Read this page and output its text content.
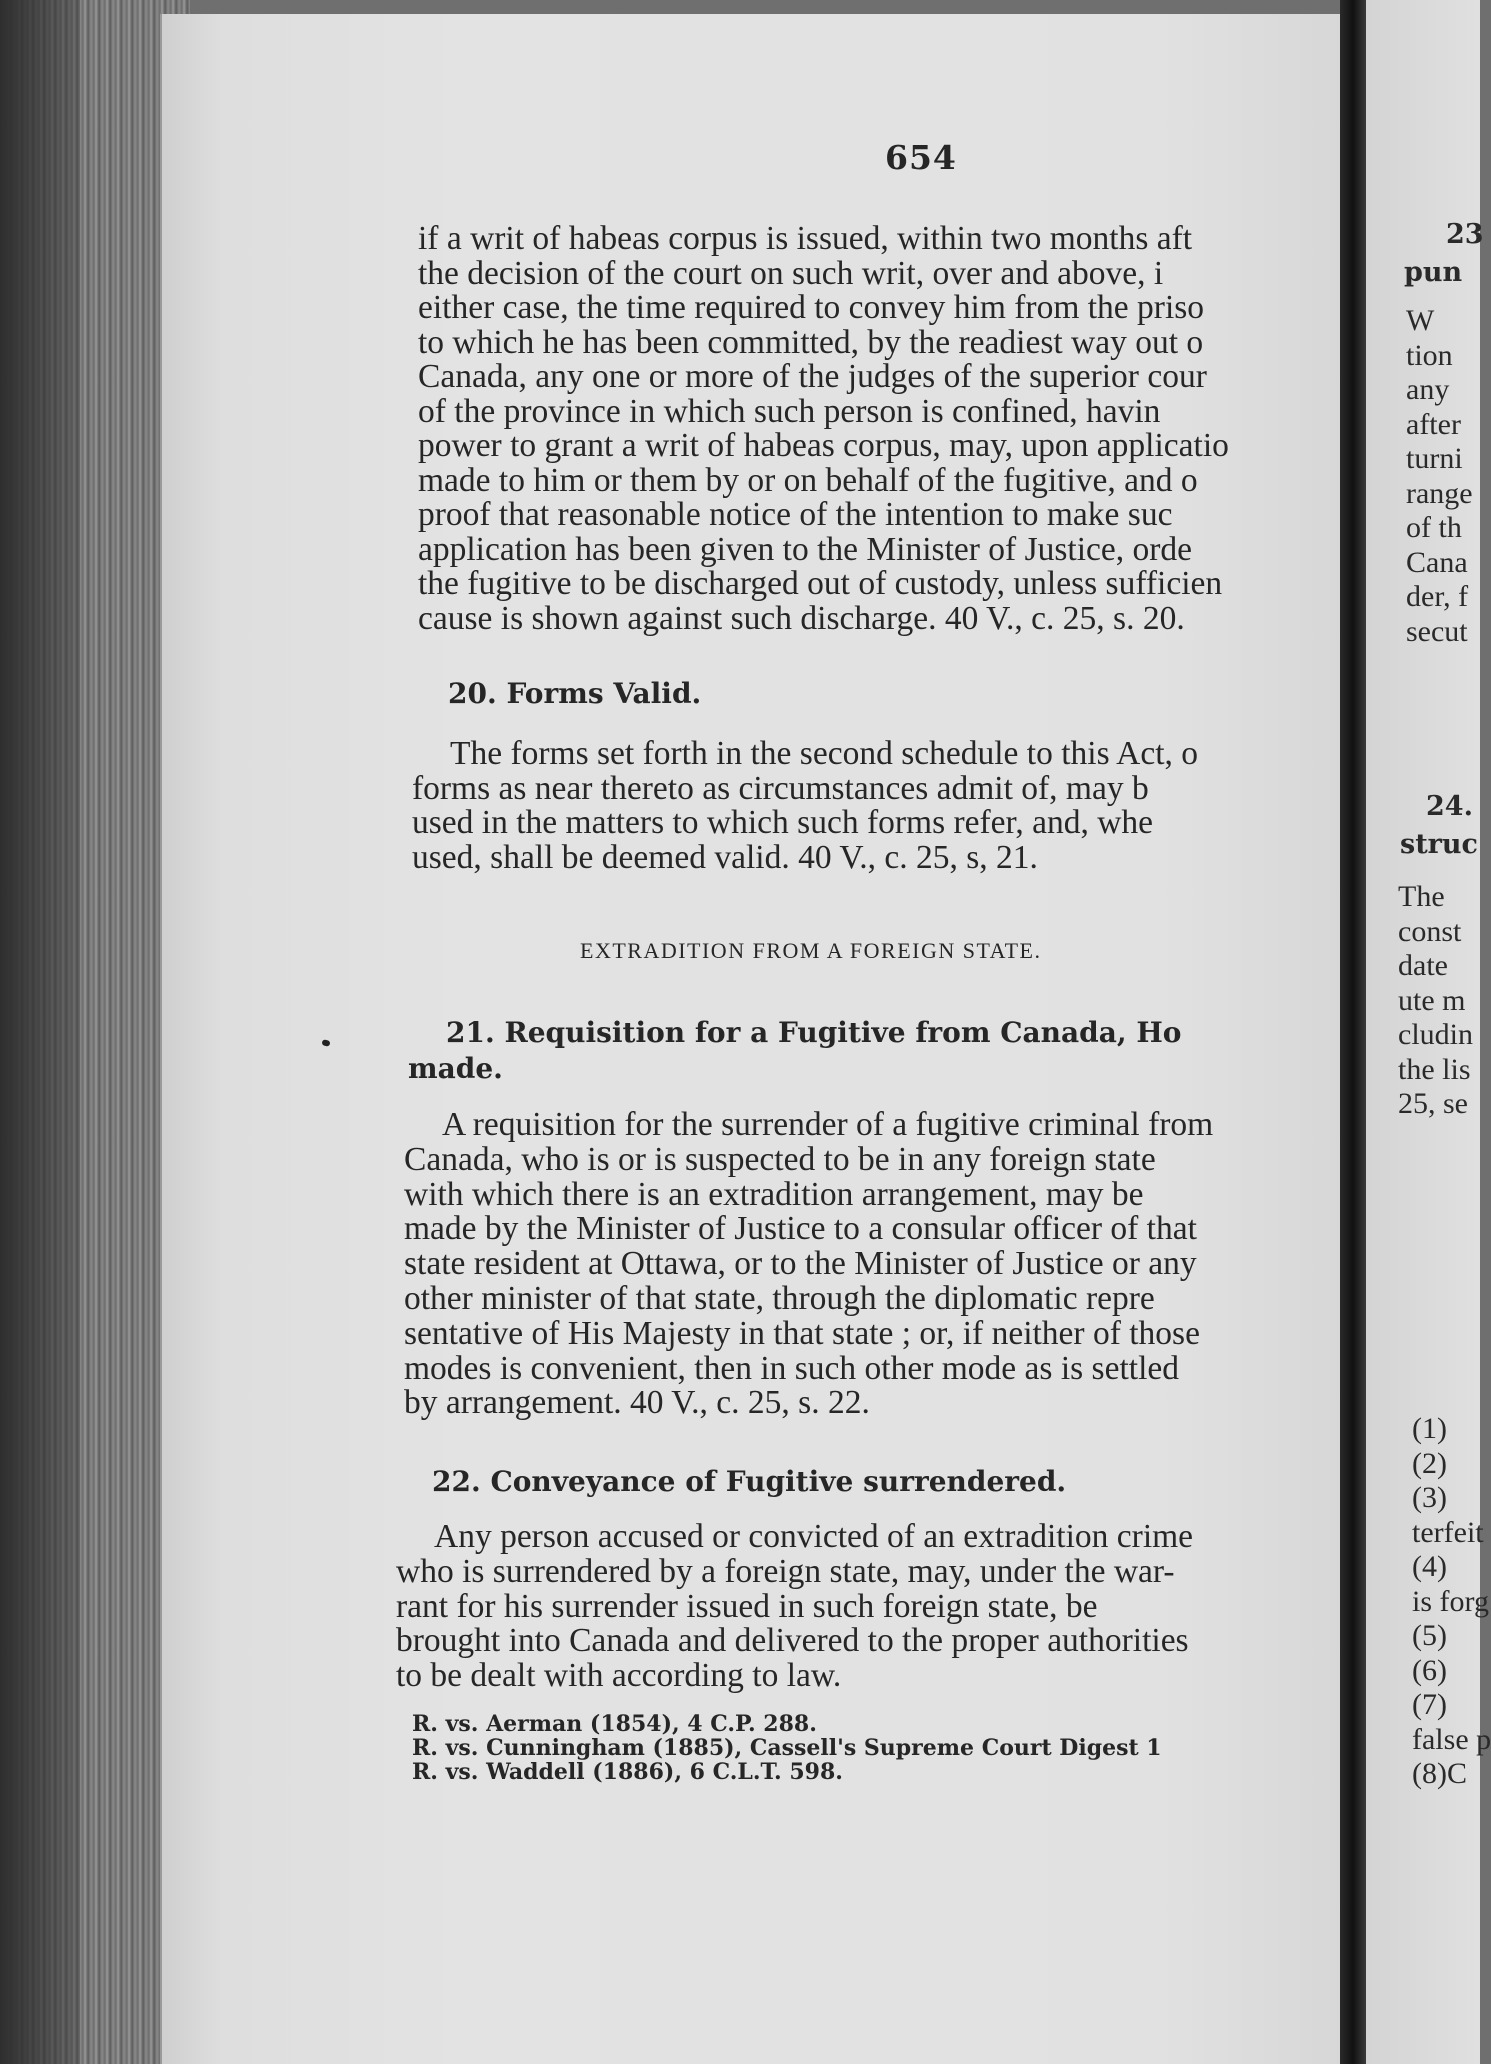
654
if a writ of habeas corpus is issued, within two months aft
the decision of the court on such writ, over and above, i
either case, the time required to convey him from the priso
to which he has been committed, by the readiest way out o
Canada, any one or more of the judges of the superior cour
of the province in which such person is confined, havin
power to grant a writ of habeas corpus, may, upon applicatio
made to him or them by or on behalf of the fugitive, and o
proof that reasonable notice of the intention to make suc
application has been given to the Minister of Justice, orde
the fugitive to be discharged out of custody, unless sufficien
cause is shown against such discharge. 40 V., c. 25, s. 20.
20. Forms Valid.
The forms set forth in the second schedule to this Act, o
forms as near thereto as circumstances admit of, may b
used in the matters to which such forms refer, and, whe
used, shall be deemed valid. 40 V., c. 25, s, 21.
EXTRADITION FROM A FOREIGN STATE.
21. Requisition for a Fugitive from Canada, Ho
made.
A requisition for the surrender of a fugitive criminal from
Canada, who is or is suspected to be in any foreign state
with which there is an extradition arrangement, may be
made by the Minister of Justice to a consular officer of that
state resident at Ottawa, or to the Minister of Justice or any
other minister of that state, through the diplomatic repre
sentative of His Majesty in that state ; or, if neither of those
modes is convenient, then in such other mode as is settled
by arrangement. 40 V., c. 25, s. 22.
22. Conveyance of Fugitive surrendered.
Any person accused or convicted of an extradition crime
who is surrendered by a foreign state, may, under the war-
rant for his surrender issued in such foreign state, be
brought into Canada and delivered to the proper authorities
to be dealt with according to law.
R. vs. Aerman (1854), 4 C.P. 288.
R. vs. Cunningham (1885), Cassell's Supreme Court Digest 1
R. vs. Waddell (1886), 6 C.L.T. 598.
23
pun
W
tion
any
after
turni
range
of th
Cana
der, f
secut
24.
struc
The
const
date
ute m
cludin
the lis
25, se
(1)
(2)
(3)
terfeit
(4)
is forg
(5)
(6)
(7)
false p
(8)C
